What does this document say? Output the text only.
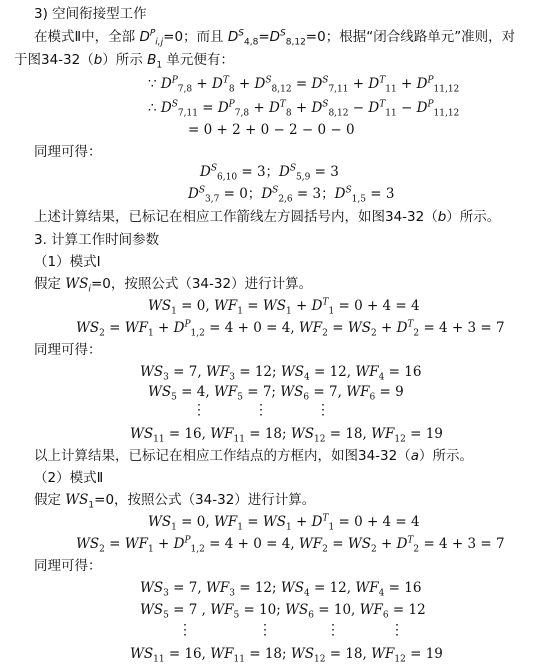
3) 空间衔接型工作
在模式Ⅱ中，全部 $D^P_{i,j}=0$；而且 $D^S_{4,8}=D^S_{8,12}=0$；根据“闭合线路单元”准则，对
于图34-32（b）所示 $B_1$ 单元便有：
∵ $D^P_{7,8} + D^T_8 + D^S_{8,12} = D^S_{7,11} + D^T_{11} + D^P_{11,12}$
∴ $D^S_{7,11} = D^P_{7,8} + D^T_8 + D^S_{8,12} - D^T_{11} - D^P_{11,12}$
= 0 + 2 + 0 − 2 − 0 − 0
同理可得：
$D^S_{6,10} = 3$；$D^S_{5,9} = 3$
$D^S_{3,7} = 0$；$D^S_{2,6} = 3$；$D^S_{1,5} = 3$
上述计算结果，已标记在相应工作箭线左方圆括号内，如图34-32（b）所示。
3. 计算工作时间参数
（1）模式Ⅰ
假定 $WS_i=0$，按照公式（34-32）进行计算。
$WS_1 = 0$, $WF_1 = WS_1 + D^T_1 = 0 + 4 = 4$
$WS_2 = WF_1 + D^P_{1,2} = 4 + 0 = 4$, $WF_2 = WS_2 + D^T_2 = 4 + 3 = 7$
同理可得：
$WS_3 = 7$, $WF_3 = 12$; $WS_4 = 12$, $WF_4 = 16$
$WS_5 = 4$, $WF_5 = 7$; $WS_6 = 7$, $WF_6 = 9$
⋮	⋮	⋮
$WS_{11} = 16$, $WF_{11} = 18$; $WS_{12} = 18$, $WF_{12} = 19$
以上计算结果，已标记在相应工作结点的方框内，如图34-32（a）所示。
（2）模式Ⅱ
假定 $WS_1=0$，按照公式（34-32）进行计算。
$WS_1 = 0$, $WF_1 = WS_1 + D^T_1 = 0 + 4 = 4$
$WS_2 = WF_1 + D^P_{1,2} = 4 + 0 = 4$, $WF_2 = WS_2 + D^T_2 = 4 + 3 = 7$
同理可得：
$WS_3 = 7$, $WF_3 = 12$; $WS_4 = 12$, $WF_4 = 16$
$WS_5 = 7$ , $WF_5 = 10$; $WS_6 = 10$, $WF_6 = 12$
⋮	⋮	⋮	⋮
$WS_{11} = 16$, $WF_{11} = 18$; $WS_{12} = 18$, $WF_{12} = 19$
